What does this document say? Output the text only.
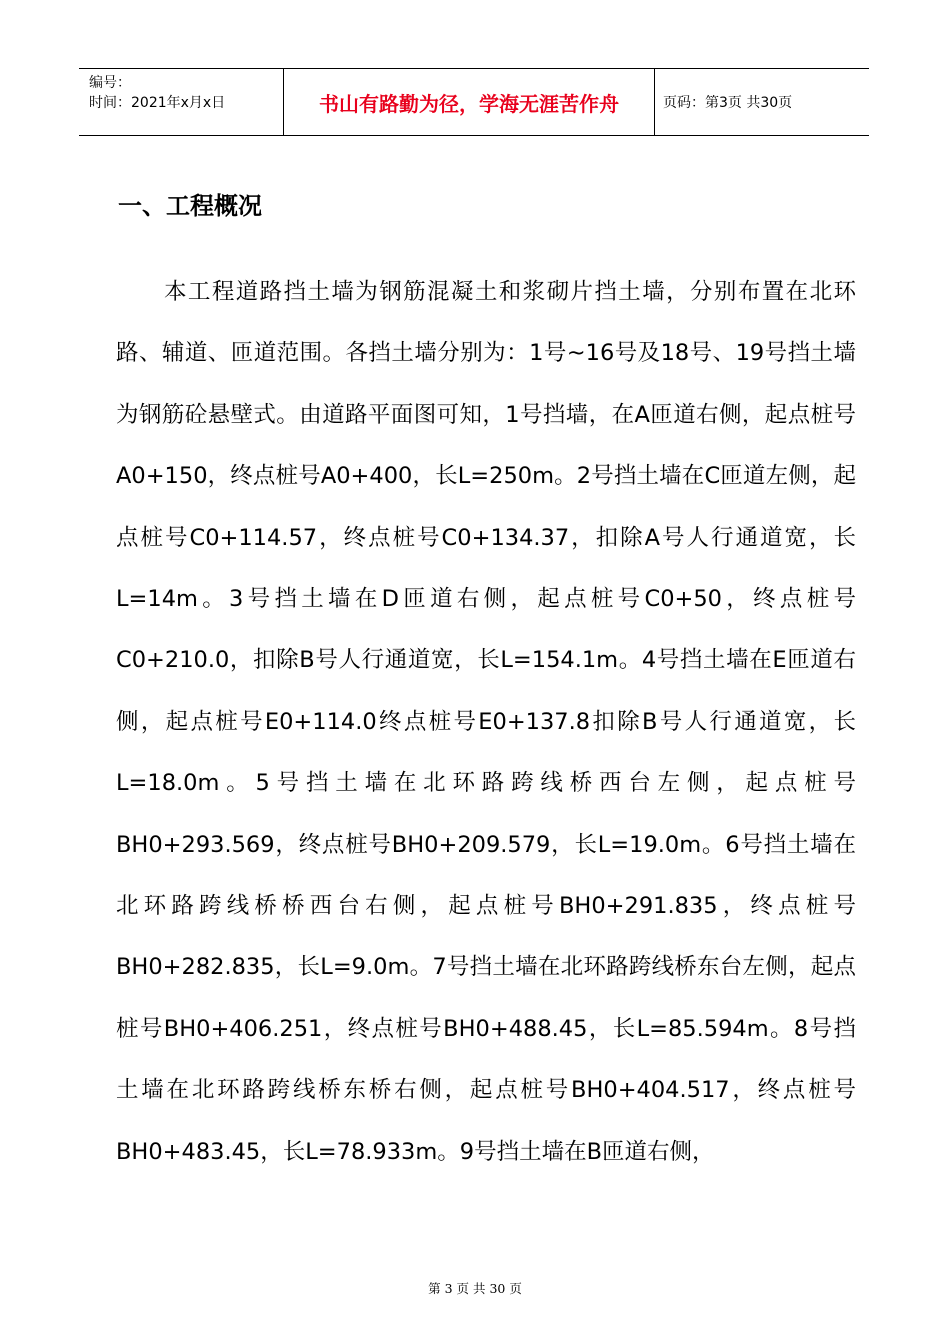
编号：
时间：2021年x月x日	书山有路勤为径，学海无涯苦作舟	页码：第3页 共30页
一、工程概况

本工程道路挡土墙为钢筋混凝土和浆砌片挡土墙，分别布置在北环路、辅道、匝道范围。各挡土墙分别为：1号~16号及18号、19号挡土墙为钢筋砼悬壁式。由道路平面图可知，1号挡墙，在A匝道右侧，起点桩号A0+150，终点桩号A0+400，长L=250m。2号挡土墙在C匝道左侧，起点桩号C0+114.57，终点桩号C0+134.37，扣除A号人行通道宽，长L=14m。3号挡土墙在D匝道右侧，起点桩号C0+50，终点桩号C0+210.0，扣除B号人行通道宽，长L=154.1m。4号挡土墙在E匝道右侧，起点桩号E0+114.0终点桩号E0+137.8扣除B号人行通道宽，长L=18.0m。5号挡土墙在北环路跨线桥西台左侧，起点桩号BH0+293.569，终点桩号BH0+209.579，长L=19.0m。6号挡土墙在北环路跨线桥桥西台右侧，起点桩号BH0+291.835，终点桩号BH0+282.835，长L=9.0m。7号挡土墙在北环路跨线桥东台左侧，起点桩号BH0+406.251，终点桩号BH0+488.45，长L=85.594m。8号挡土墙在北环路跨线桥东桥右侧，起点桩号BH0+404.517，终点桩号BH0+483.45，长L=78.933m。9号挡土墙在B匝道右侧，

第 3 页 共 30 页
